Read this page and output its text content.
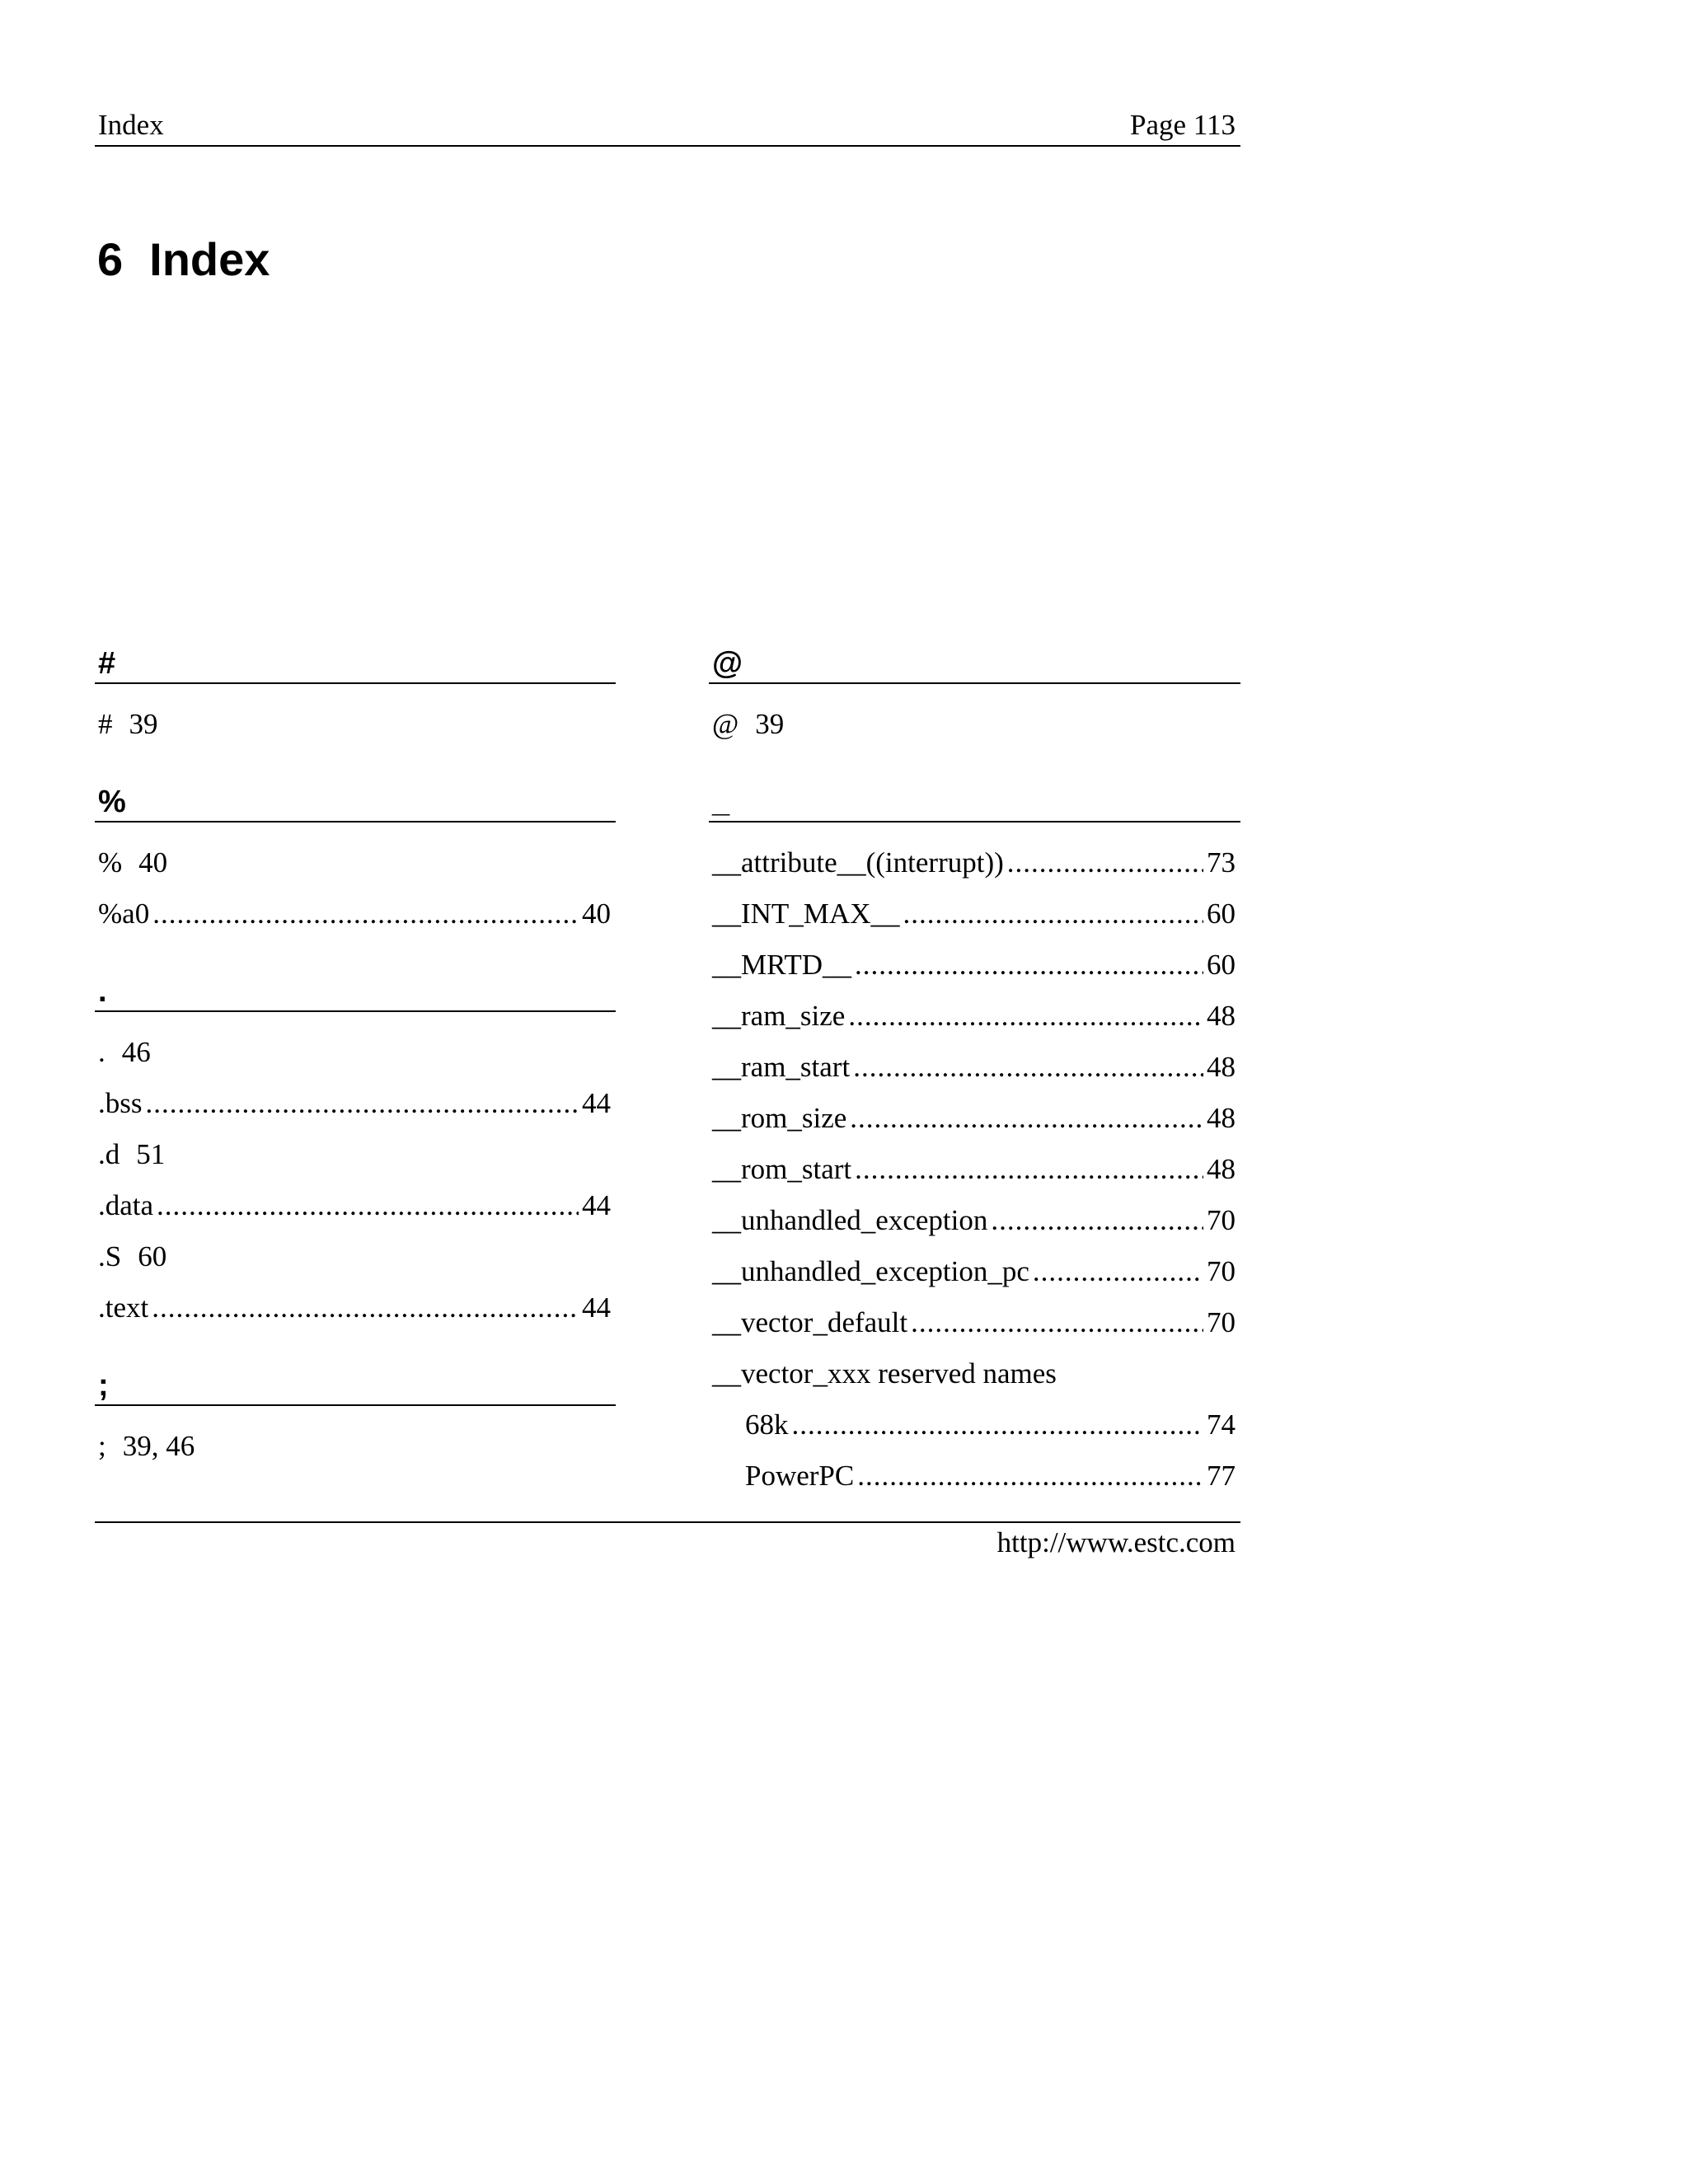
Index	Page 113
6 Index
#
# 39
%
% 40
%a0 .....	40
.
. 46
.bss .....	44
.d 51
.data .....	44
.S 60
.text .....	44
;
; 39, 46
@
@ 39
_
__attribute__((interrupt)) .....	73
__INT_MAX__ .....	60
__MRTD__ .....	60
__ram_size .....	48
__ram_start .....	48
__rom_size .....	48
__rom_start .....	48
__unhandled_exception .....	70
__unhandled_exception_pc .....	70
__vector_default .....	70
__vector_xxx reserved names
68k .....	74
PowerPC .....	77
http://www.estc.com
